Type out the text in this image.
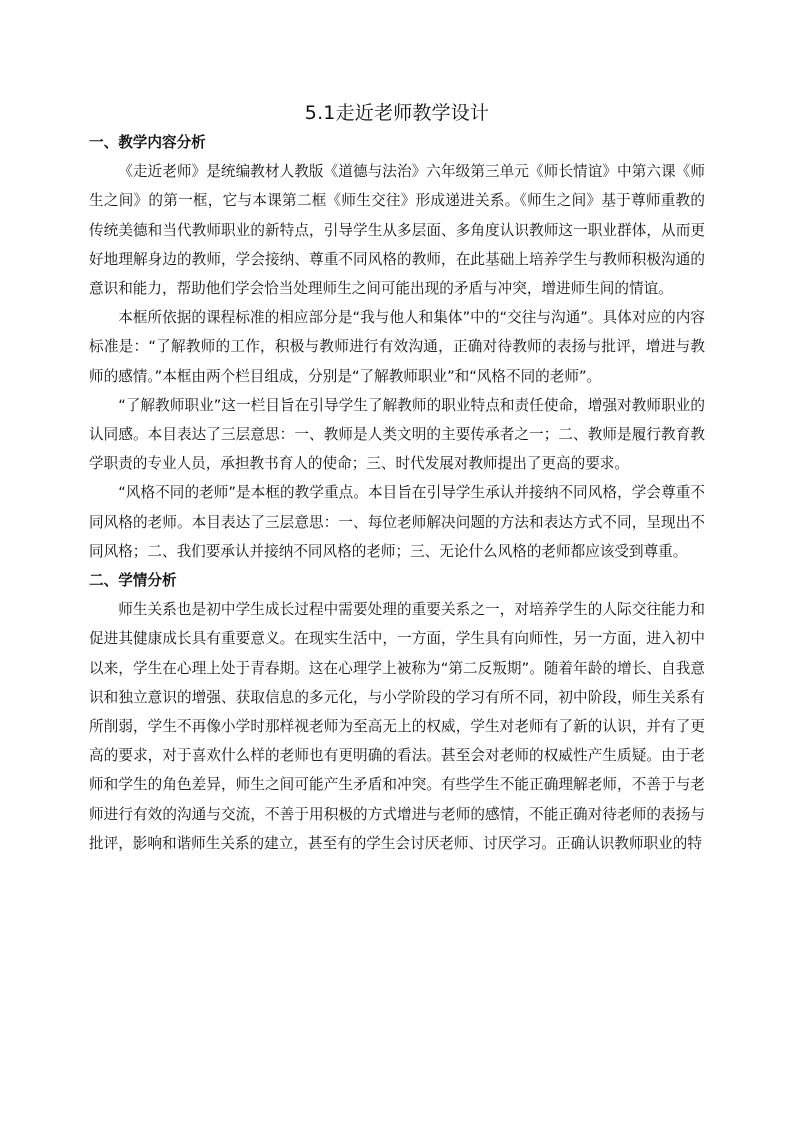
5.1走近老师教学设计

一、教学内容分析

《走近老师》是统编教材人教版《道德与法治》六年级第三单元《师长情谊》中第六课《师生之间》的第一框，它与本课第二框《师生交往》形成递进关系。《师生之间》基于尊师重教的传统美德和当代教师职业的新特点，引导学生从多层面、多角度认识教师这一职业群体，从而更好地理解身边的教师，学会接纳、尊重不同风格的教师，在此基础上培养学生与教师积极沟通的意识和能力，帮助他们学会恰当处理师生之间可能出现的矛盾与冲突，增进师生间的情谊。

本框所依据的课程标准的相应部分是“我与他人和集体”中的“交往与沟通”。具体对应的内容标准是：“了解教师的工作，积极与教师进行有效沟通，正确对待教师的表扬与批评，增进与教师的感情。”本框由两个栏目组成，分别是“了解教师职业”和“风格不同的老师”。

“了解教师职业”这一栏目旨在引导学生了解教师的职业特点和责任使命，增强对教师职业的认同感。本目表达了三层意思：一、教师是人类文明的主要传承者之一；二、教师是履行教育教学职责的专业人员，承担教书育人的使命；三、时代发展对教师提出了更高的要求。

“风格不同的老师”是本框的教学重点。本目旨在引导学生承认并接纳不同风格，学会尊重不同风格的老师。本目表达了三层意思：一、每位老师解决问题的方法和表达方式不同，呈现出不同风格；二、我们要承认并接纳不同风格的老师；三、无论什么风格的老师都应该受到尊重。

二、学情分析

师生关系也是初中学生成长过程中需要处理的重要关系之一，对培养学生的人际交往能力和促进其健康成长具有重要意义。在现实生活中，一方面，学生具有向师性，另一方面，进入初中以来，学生在心理上处于青春期。这在心理学上被称为“第二反叛期”。随着年龄的增长、自我意识和独立意识的增强、获取信息的多元化，与小学阶段的学习有所不同，初中阶段，师生关系有所削弱，学生不再像小学时那样视老师为至高无上的权威，学生对老师有了新的认识，并有了更高的要求，对于喜欢什么样的老师也有更明确的看法。甚至会对老师的权威性产生质疑。由于老师和学生的角色差异，师生之间可能产生矛盾和冲突。有些学生不能正确理解老师，不善于与老师进行有效的沟通与交流，不善于用积极的方式增进与老师的感情，不能正确对待老师的表扬与批评，影响和谐师生关系的建立，甚至有的学生会讨厌老师、讨厌学习。正确认识教师职业的特
